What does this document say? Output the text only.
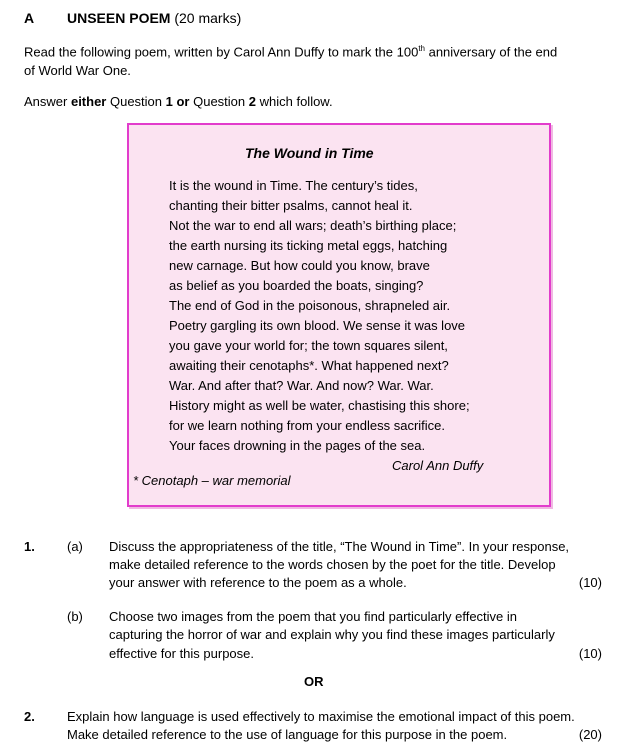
A UNSEEN POEM (20 marks)
Read the following poem, written by Carol Ann Duffy to mark the 100th anniversary of the end
of World War One.
Answer either Question 1 or Question 2 which follow.
The Wound in Time
It is the wound in Time. The century’s tides,
chanting their bitter psalms, cannot heal it.
Not the war to end all wars; death’s birthing place;
the earth nursing its ticking metal eggs, hatching
new carnage. But how could you know, brave
as belief as you boarded the boats, singing?
The end of God in the poisonous, shrapneled air.
Poetry gargling its own blood. We sense it was love
you gave your world for; the town squares silent,
awaiting their cenotaphs*. What happened next?
War. And after that? War. And now? War. War.
History might as well be water, chastising this shore;
for we learn nothing from your endless sacrifice.
Your faces drowning in the pages of the sea.
Carol Ann Duffy
* Cenotaph – war memorial
1. (a) Discuss the appropriateness of the title, “The Wound in Time”. In your response,
make detailed reference to the words chosen by the poet for the title. Develop
your answer with reference to the poem as a whole.	(10)
(b) Choose two images from the poem that you find particularly effective in
capturing the horror of war and explain why you find these images particularly
effective for this purpose.	(10)
OR
2. Explain how language is used effectively to maximise the emotional impact of this poem.
Make detailed reference to the use of language for this purpose in the poem.	(20)
